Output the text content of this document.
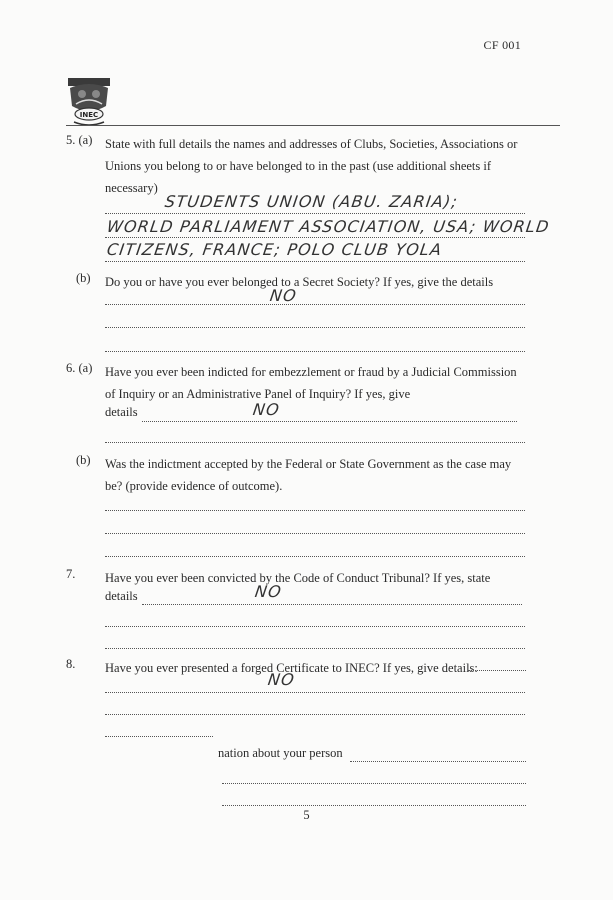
CF 001
INEC
5. (a) State with full details the names and addresses of Clubs, Societies, Associations or Unions you belong to or have belonged to in the past (use additional sheets if necessary)
STUDENTS UNION (ABU. ZARIA);
WORLD PARLIAMENT ASSOCIATION, USA; WORLD
CITIZENS, FRANCE; POLO CLUB YOLA
(b) Do you or have you ever belonged to a Secret Society? If yes, give the details
NO
6. (a) Have you ever been indicted for embezzlement or fraud by a Judicial Commission of Inquiry or an Administrative Panel of Inquiry? If yes, give
details	NO
(b) Was the indictment accepted by the Federal or State Government as the case may be? (provide evidence of outcome).
7. Have you ever been convicted by the Code of Conduct Tribunal? If yes, state
details	NO
8. Have you ever presented a forged Certificate to INEC? If yes, give details:
NO
nation about your person
5
